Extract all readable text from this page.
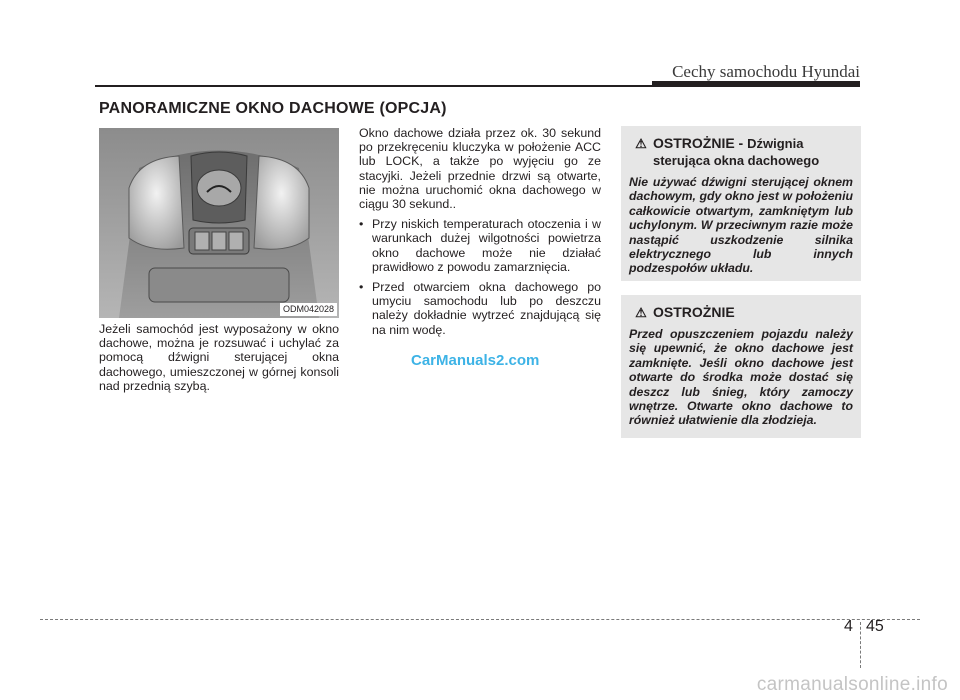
Cechy samochodu Hyundai
PANORAMICZNE OKNO DACHOWE (OPCJA)
ODM042028
Jeżeli samochód jest wyposażony w okno dachowe, można je rozsuwać i uchylać za pomocą dźwigni sterującej okna dachowego, umieszczonej w górnej konsoli nad przednią szybą.

Okno dachowe działa przez ok. 30 sekund po przekręceniu kluczyka w położenie ACC lub LOCK, a także po wyjęciu go ze stacyjki. Jeżeli przednie drzwi są otwarte, nie można uruchomić okna dachowego w ciągu 30 sekund..

• Przy niskich temperaturach otoczenia i w warunkach dużej wilgotności powietrza okno dachowe może nie działać prawidłowo z powodu zamarznięcia.
• Przed otwarciem okna dachowego po umyciu samochodu lub po deszczu należy dokładnie wytrzeć znajdującą się na nim wodę.
CarManuals2.com
⚠ OSTROŻNIE - Dźwignia
sterująca okna dachowego
Nie używać dźwigni sterującej oknem dachowym, gdy okno jest w położeniu całkowicie otwartym, zamkniętym lub uchylonym. W przeciwnym razie może nastąpić uszkodzenie silnika elektrycznego lub innych podzespołów układu.
⚠ OSTROŻNIE
Przed opuszczeniem pojazdu należy się upewnić, że okno dachowe jest zamknięte. Jeśli okno dachowe jest otwarte do środka może dostać się deszcz lub śnieg, który zamoczy wnętrze. Otwarte okno dachowe to również ułatwienie dla złodzieja.
4 45
carmanualsonline.info
